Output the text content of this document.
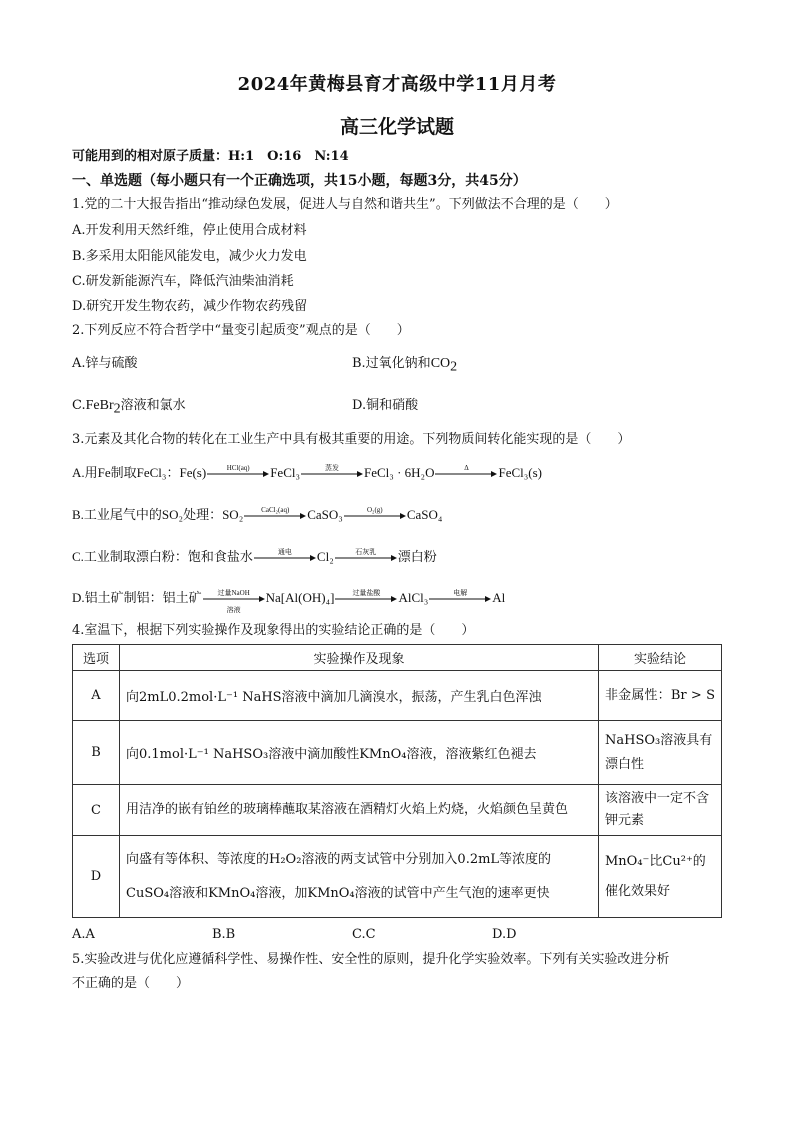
2024年黄梅县育才高级中学11月月考
高三化学试题
可能用到的相对原子质量：H:1　O:16　N:14
一、单选题（每小题只有一个正确选项，共15小题，每题3分，共45分）
1.党的二十大报告指出“推动绿色发展，促进人与自然和谐共生”。下列做法不合理的是（　　）
A.开发利用天然纤维，停止使用合成材料
B.多采用太阳能风能发电，减少火力发电
C.研发新能源汽车，降低汽油柴油消耗
D.研究开发生物农药，减少作物农药残留
2.下列反应不符合哲学中“量变引起质变”观点的是（　　）
A.锌与硫酸	B.过氧化钠和$CO_2$
C.FeBr$_2$溶液和氯水	D.铜和硝酸
3.元素及其化合物的转化在工业生产中具有极其重要的用途。下列物质间转化能实现的是（　　）
A.用Fe制取FeCl₃：Fe(s)	HCl(aq)	FeCl₃	蒸发	FeCl₃ · 6H₂O	Δ	FeCl₃(s)
B.工业尾气中的SO₂处理：SO₂	CaCl₂(aq)	CaSO₃	O₂(g)	CaSO₄
C.工业制取漂白粉：饱和食盐水	通电	Cl₂	石灰乳	漂白粉
D.铝土矿制铝：铝土矿	过量NaOH
溶液
Na[Al(OH)₄]	过量盐酸	AlCl₃	电解	Al
4.室温下，根据下列实验操作及现象得出的实验结论正确的是（　　）
选项	实验操作及现象	实验结论
A	向2mL0.2mol·L⁻¹ NaHS溶液中滴加几滴溴水，振荡，产生乳白色浑浊	非金属性：Br > S
B	向0.1mol·L⁻¹ NaHSO₃溶液中滴加酸性KMnO₄溶液，溶液紫红色褪去	NaHSO₃溶液具有漂白性
C	用洁净的嵌有铂丝的玻璃棒蘸取某溶液在酒精灯火焰上灼烧，火焰颜色呈黄色	该溶液中一定不含钾元素
D	向盛有等体积、等浓度的H₂O₂溶液的两支试管中分别加入0.2mL等浓度的CuSO₄溶液和KMnO₄溶液，加KMnO₄溶液的试管中产生气泡的速率更快	MnO₄⁻比Cu²⁺的催化效果好
A.A	B.B	C.C	D.D
5.实验改进与优化应遵循科学性、易操作性、安全性的原则，提升化学实验效率。下列有关实验改进分析
不正确的是（　　）
